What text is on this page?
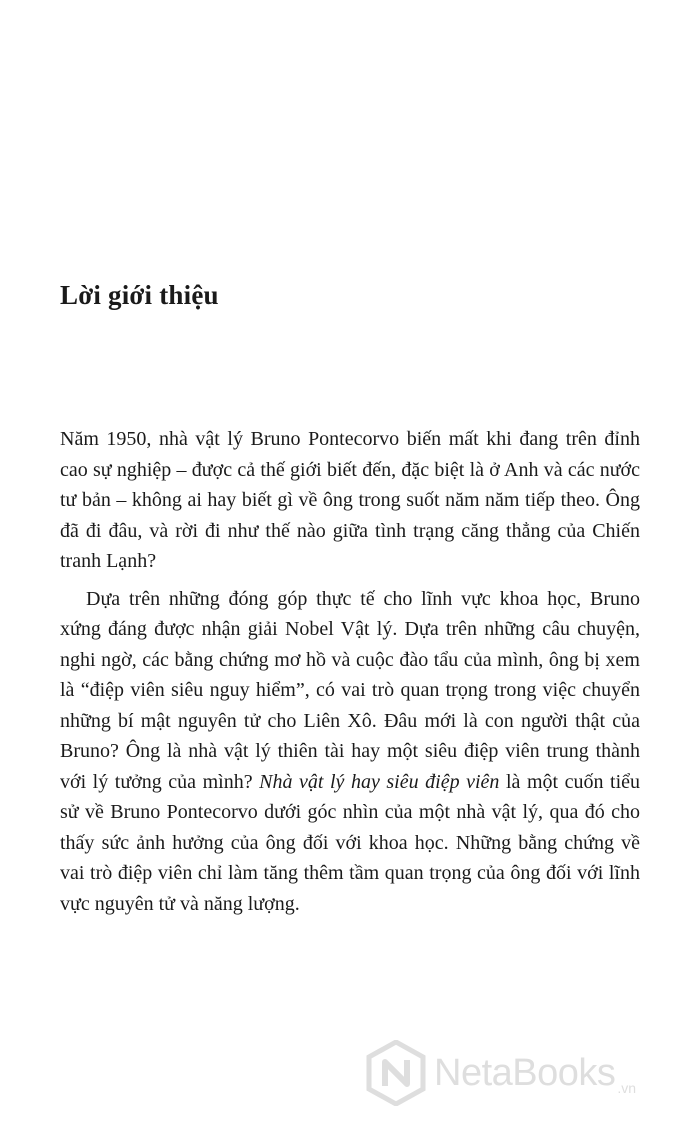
Lời giới thiệu

Năm 1950, nhà vật lý Bruno Pontecorvo biến mất khi đang trên đỉnh cao sự nghiệp – được cả thế giới biết đến, đặc biệt là ở Anh và các nước tư bản – không ai hay biết gì về ông trong suốt năm năm tiếp theo. Ông đã đi đâu, và rời đi như thế nào giữa tình trạng căng thẳng của Chiến tranh Lạnh?

Dựa trên những đóng góp thực tế cho lĩnh vực khoa học, Bruno xứng đáng được nhận giải Nobel Vật lý. Dựa trên những câu chuyện, nghi ngờ, các bằng chứng mơ hồ và cuộc đào tẩu của mình, ông bị xem là “điệp viên siêu nguy hiểm”, có vai trò quan trọng trong việc chuyển những bí mật nguyên tử cho Liên Xô. Đâu mới là con người thật của Bruno? Ông là nhà vật lý thiên tài hay một siêu điệp viên trung thành với lý tưởng của mình? Nhà vật lý hay siêu điệp viên là một cuốn tiểu sử về Bruno Pontecorvo dưới góc nhìn của một nhà vật lý, qua đó cho thấy sức ảnh hưởng của ông đối với khoa học. Những bằng chứng về vai trò điệp viên chỉ làm tăng thêm tầm quan trọng của ông đối với lĩnh vực nguyên tử và năng lượng.

NetaBooks .vn
